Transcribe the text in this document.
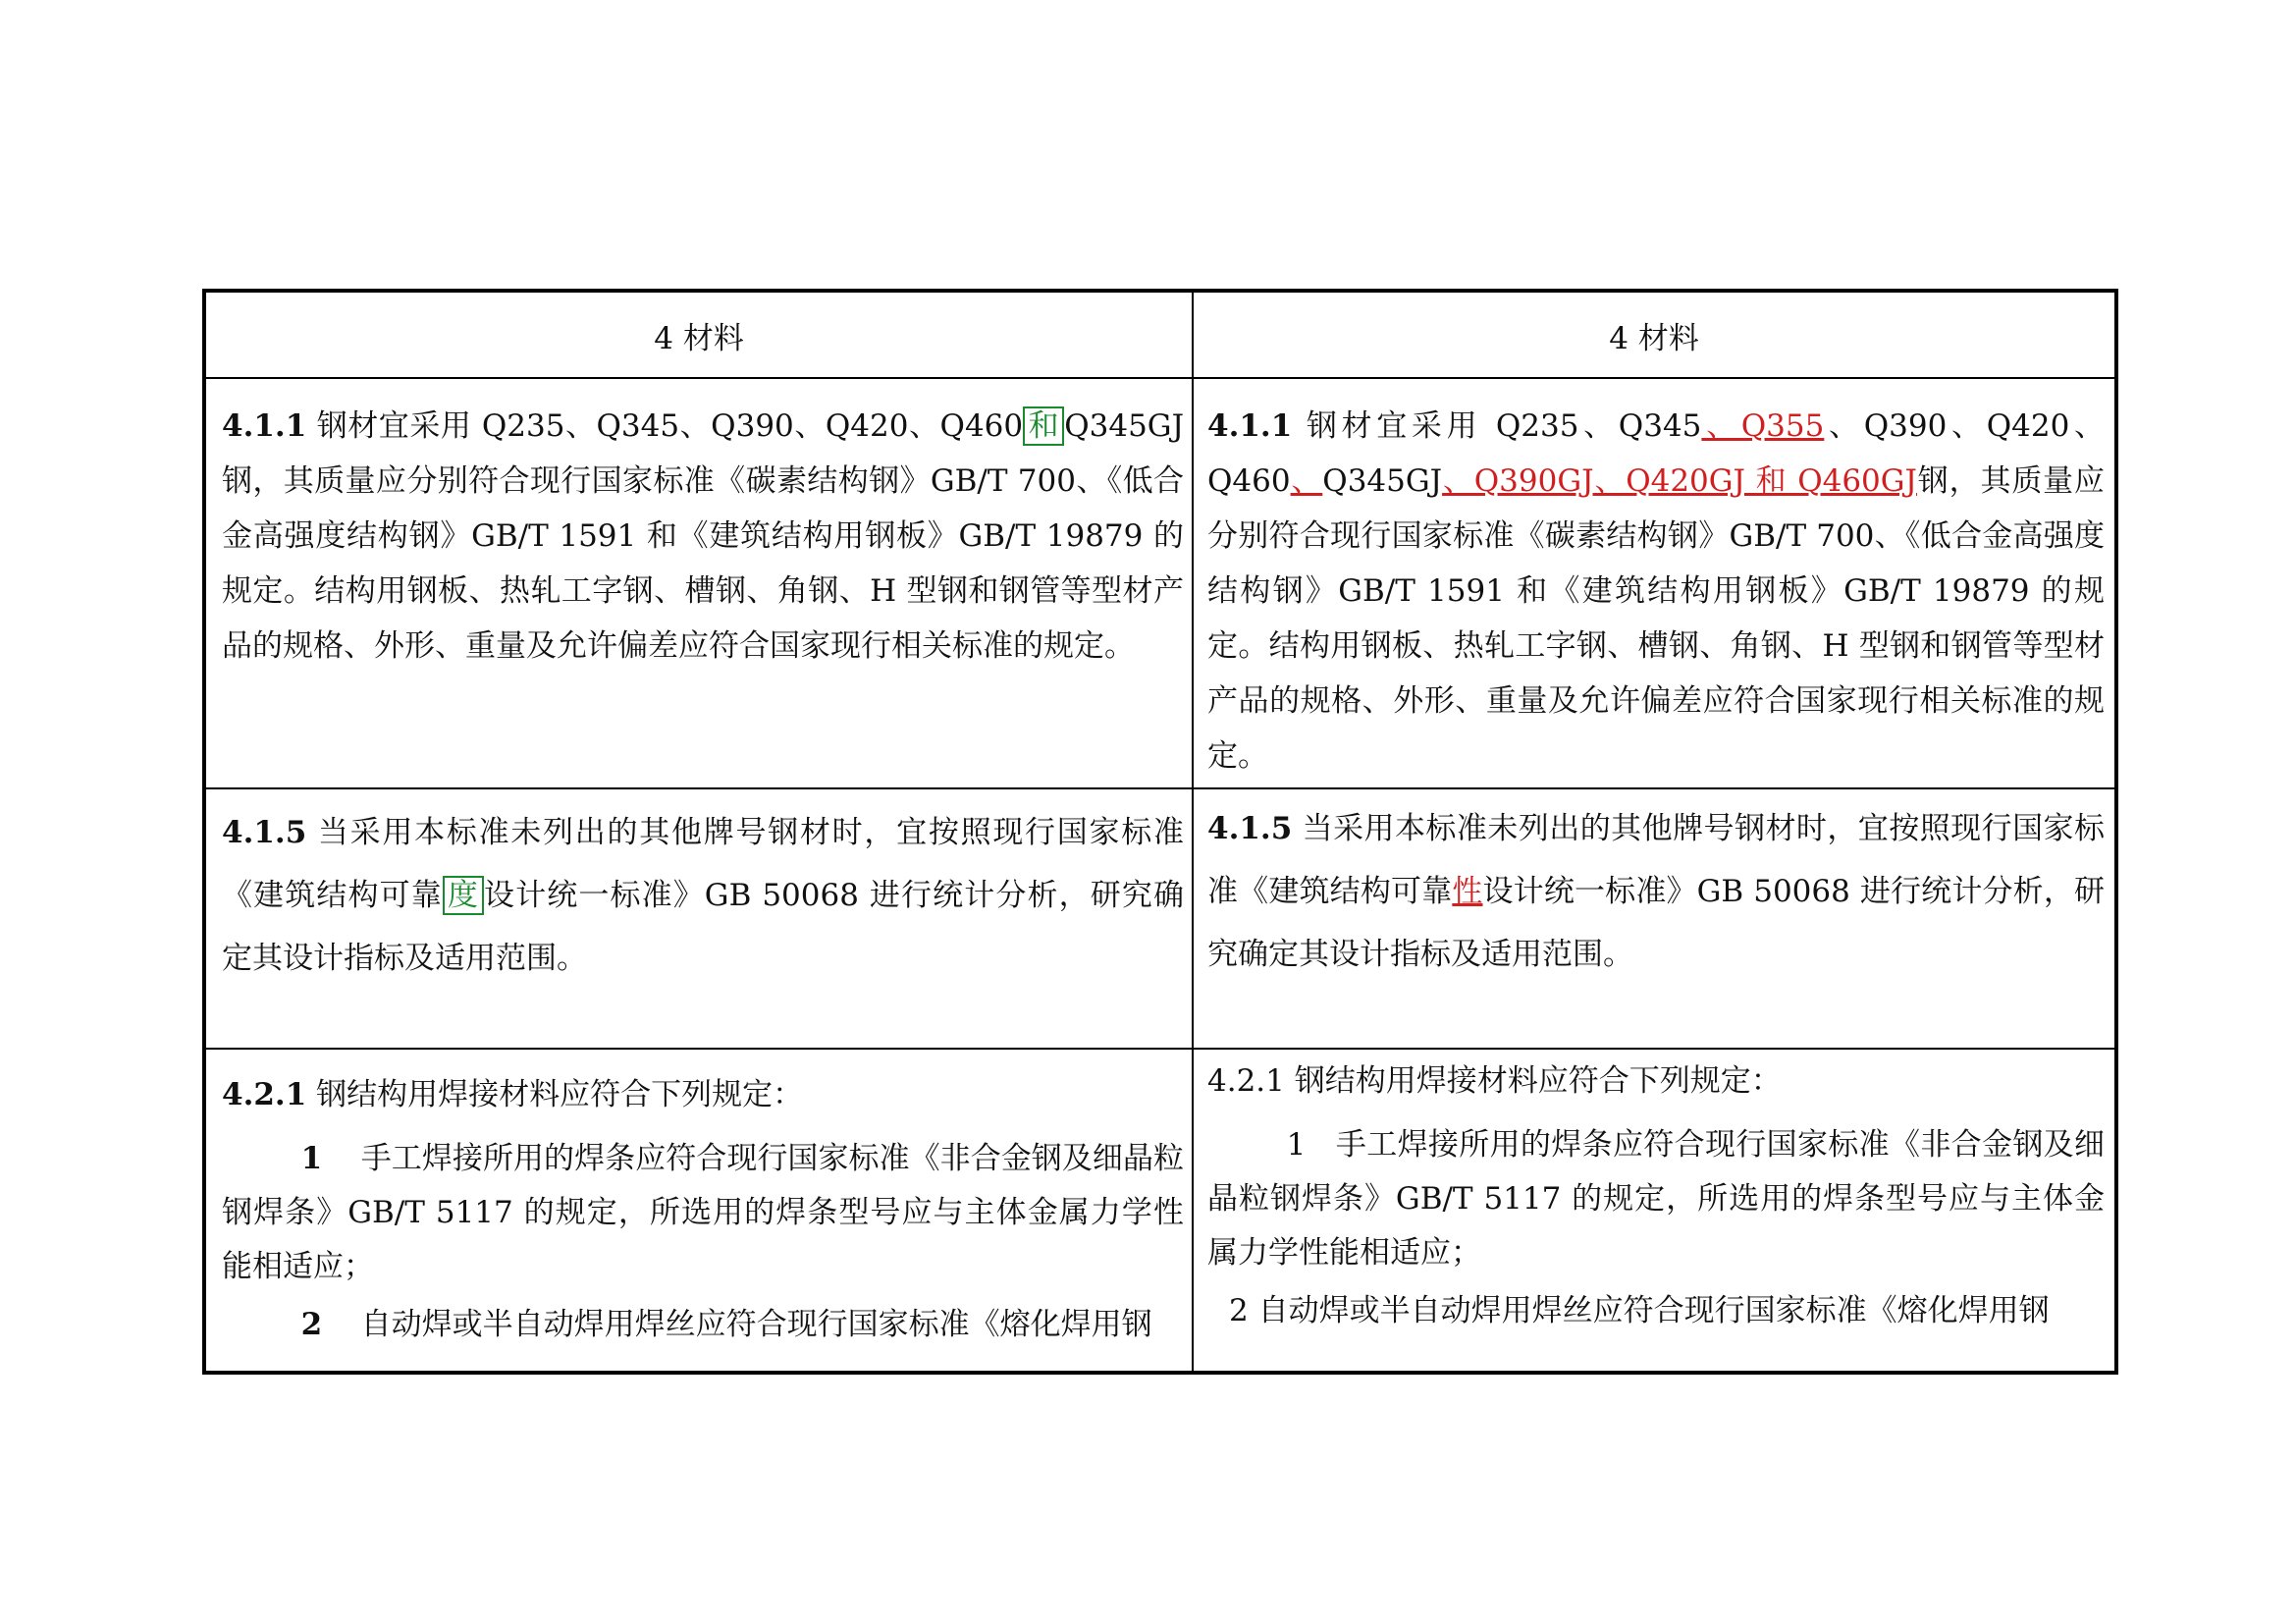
4 材料	4 材料

4.1.1 钢材宜采用 Q235、Q345、Q390、Q420、Q460 和 Q345GJ 钢，其质量应分别符合现行国家标准《碳素结构钢》GB/T 700、《低合金高强度结构钢》GB/T 1591 和《建筑结构用钢板》GB/T 19879 的规定。结构用钢板、热轧工字钢、槽钢、角钢、H 型钢和钢管等型材产品的规格、外形、重量及允许偏差应符合国家现行相关标准的规定。

4.1.1 钢材宜采用 Q235、Q345、Q355、Q390、Q420、Q460、Q345GJ、Q390GJ、Q420GJ 和 Q460GJ钢，其质量应分别符合现行国家标准《碳素结构钢》GB/T 700、《低合金高强度结构钢》GB/T 1591 和《建筑结构用钢板》GB/T 19879 的规定。结构用钢板、热轧工字钢、槽钢、角钢、H 型钢和钢管等型材产品的规格、外形、重量及允许偏差应符合国家现行相关标准的规定。

4.1.5 当采用本标准未列出的其他牌号钢材时，宜按照现行国家标准《建筑结构可靠 度 设计统一标准》GB 50068 进行统计分析，研究确定其设计指标及适用范围。

4.1.5 当采用本标准未列出的其他牌号钢材时，宜按照现行国家标准《建筑结构可靠性设计统一标准》GB 50068 进行统计分析，研究确定其设计指标及适用范围。

4.2.1 钢结构用焊接材料应符合下列规定：

1 手工焊接所用的焊条应符合现行国家标准《非合金钢及细晶粒钢焊条》GB/T 5117 的规定，所选用的焊条型号应与主体金属力学性能相适应；

2 自动焊或半自动焊用焊丝应符合现行国家标准《熔化焊用钢

4.2.1 钢结构用焊接材料应符合下列规定：

1 手工焊接所用的焊条应符合现行国家标准《非合金钢及细晶粒钢焊条》GB/T 5117 的规定，所选用的焊条型号应与主体金属力学性能相适应；

2 自动焊或半自动焊用焊丝应符合现行国家标准《熔化焊用钢
